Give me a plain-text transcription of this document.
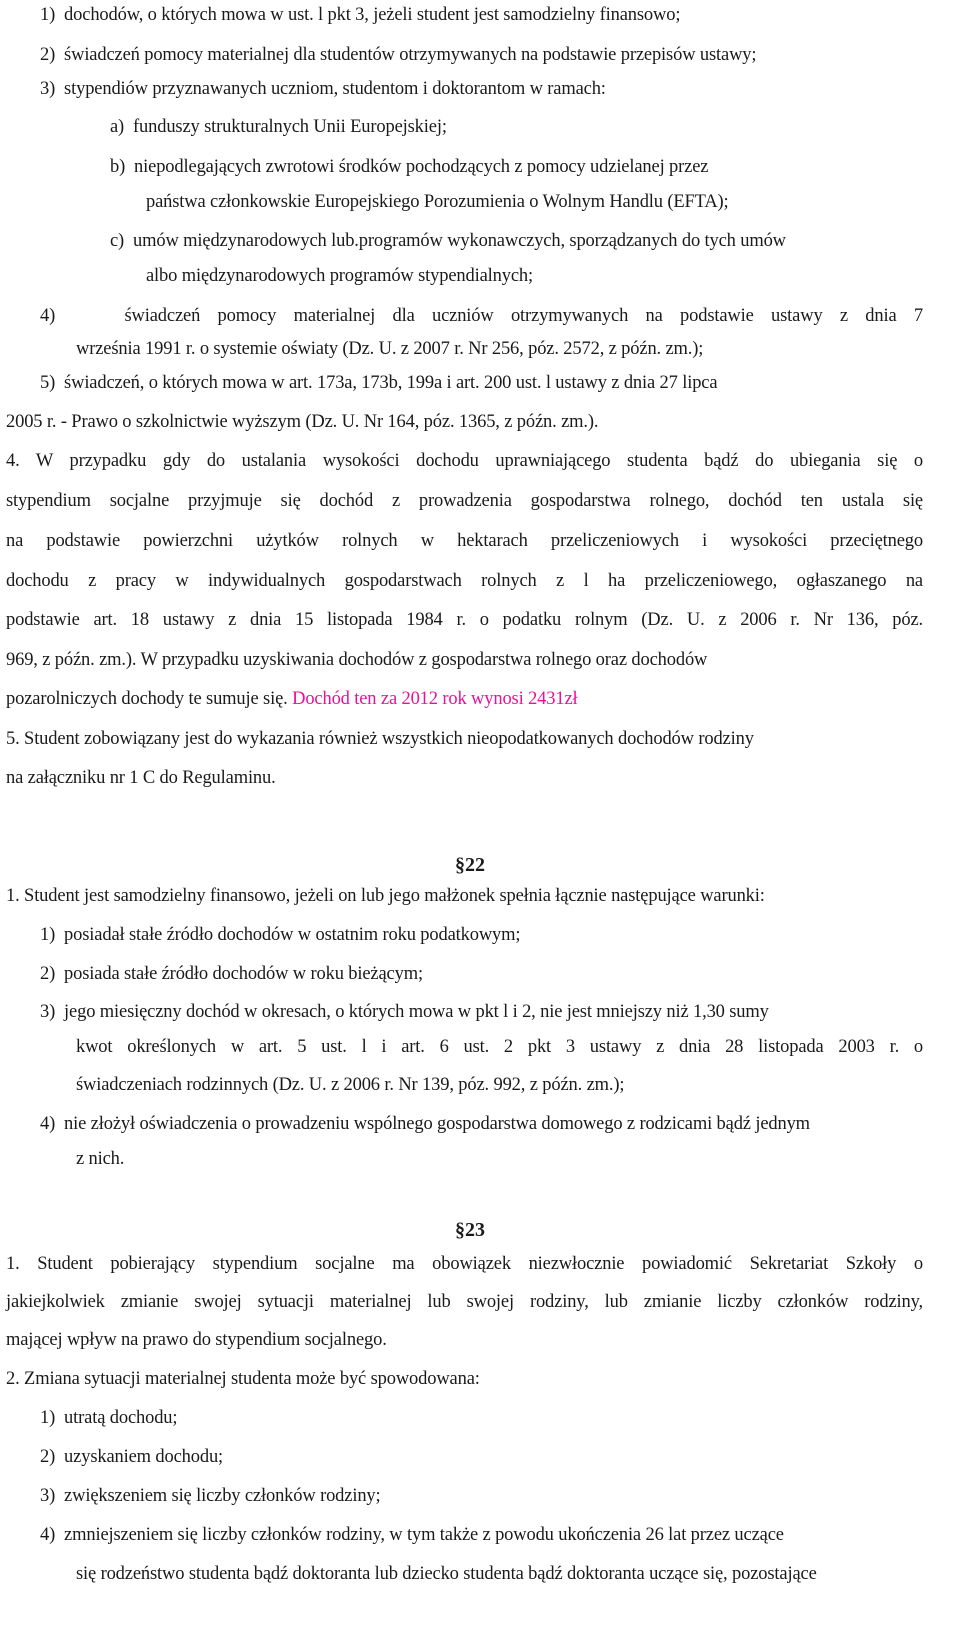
1)  dochodów, o których mowa w ust. l pkt 3, jeżeli student jest samodzielny finansowo;
2)  świadczeń pomocy materialnej dla studentów otrzymywanych na podstawie przepisów ustawy;
3)  stypendiów przyznawanych uczniom, studentom i doktorantom w ramach:
a)  funduszy strukturalnych Unii Europejskiej;
b)  niepodlegających zwrotowi środków pochodzących z pomocy udzielanej przez
państwa członkowskie Europejskiego Porozumienia o Wolnym Handlu (EFTA);
c)  umów międzynarodowych lub.programów wykonawczych, sporządzanych do tych umów
albo międzynarodowych programów stypendialnych;
4)    świadczeń pomocy materialnej dla uczniów otrzymywanych na podstawie ustawy z dnia 7
września 1991 r. o systemie oświaty (Dz. U. z 2007 r. Nr 256, póz. 2572, z późn. zm.);
5)  świadczeń, o których mowa w art. 173a, 173b, 199a i art. 200 ust. l ustawy z dnia 27 lipca
2005 r. - Prawo o szkolnictwie wyższym (Dz. U. Nr 164, póz. 1365, z późn. zm.).
4. W przypadku gdy do ustalania wysokości dochodu uprawniającego studenta bądź do ubiegania się o
stypendium socjalne przyjmuje się dochód z prowadzenia gospodarstwa rolnego, dochód ten ustala się
na podstawie powierzchni użytków rolnych w hektarach przeliczeniowych i wysokości przeciętnego
dochodu z pracy w indywidualnych gospodarstwach rolnych z l ha przeliczeniowego, ogłaszanego na
podstawie art. 18 ustawy z dnia 15 listopada 1984 r. o podatku rolnym (Dz. U. z 2006 r. Nr 136, póz.
969, z późn. zm.). W przypadku uzyskiwania dochodów z gospodarstwa rolnego oraz dochodów
pozarolniczych dochody te sumuje się. Dochód ten za 2012 rok wynosi 2431zł
5. Student zobowiązany jest do wykazania również wszystkich nieopodatkowanych dochodów rodziny
na załączniku nr 1 C do Regulaminu.
§22
1. Student jest samodzielny finansowo, jeżeli on lub jego małżonek spełnia łącznie następujące warunki:
1)  posiadał stałe źródło dochodów w ostatnim roku podatkowym;
2)  posiada stałe źródło dochodów w roku bieżącym;
3)  jego miesięczny dochód w okresach, o których mowa w pkt l i 2, nie jest mniejszy niż 1,30 sumy
kwot określonych w art. 5 ust. l i art. 6 ust. 2 pkt 3 ustawy z dnia 28 listopada 2003 r. o
świadczeniach rodzinnych (Dz. U. z 2006 r. Nr 139, póz. 992, z późn. zm.);
4)  nie złożył oświadczenia o prowadzeniu wspólnego gospodarstwa domowego z rodzicami bądź jednym
z nich.
§23
1. Student pobierający stypendium socjalne ma obowiązek niezwłocznie powiadomić Sekretariat Szkoły o
jakiejkolwiek zmianie swojej sytuacji materialnej lub swojej rodziny, lub zmianie liczby członków rodziny,
mającej wpływ na prawo do stypendium socjalnego.
2. Zmiana sytuacji materialnej studenta może być spowodowana:
1)  utratą dochodu;
2)  uzyskaniem dochodu;
3)  zwiększeniem się liczby członków rodziny;
4)  zmniejszeniem się liczby członków rodziny, w tym także z powodu ukończenia 26 lat przez uczące
się rodzeństwo studenta bądź doktoranta lub dziecko studenta bądź doktoranta uczące się, pozostające
